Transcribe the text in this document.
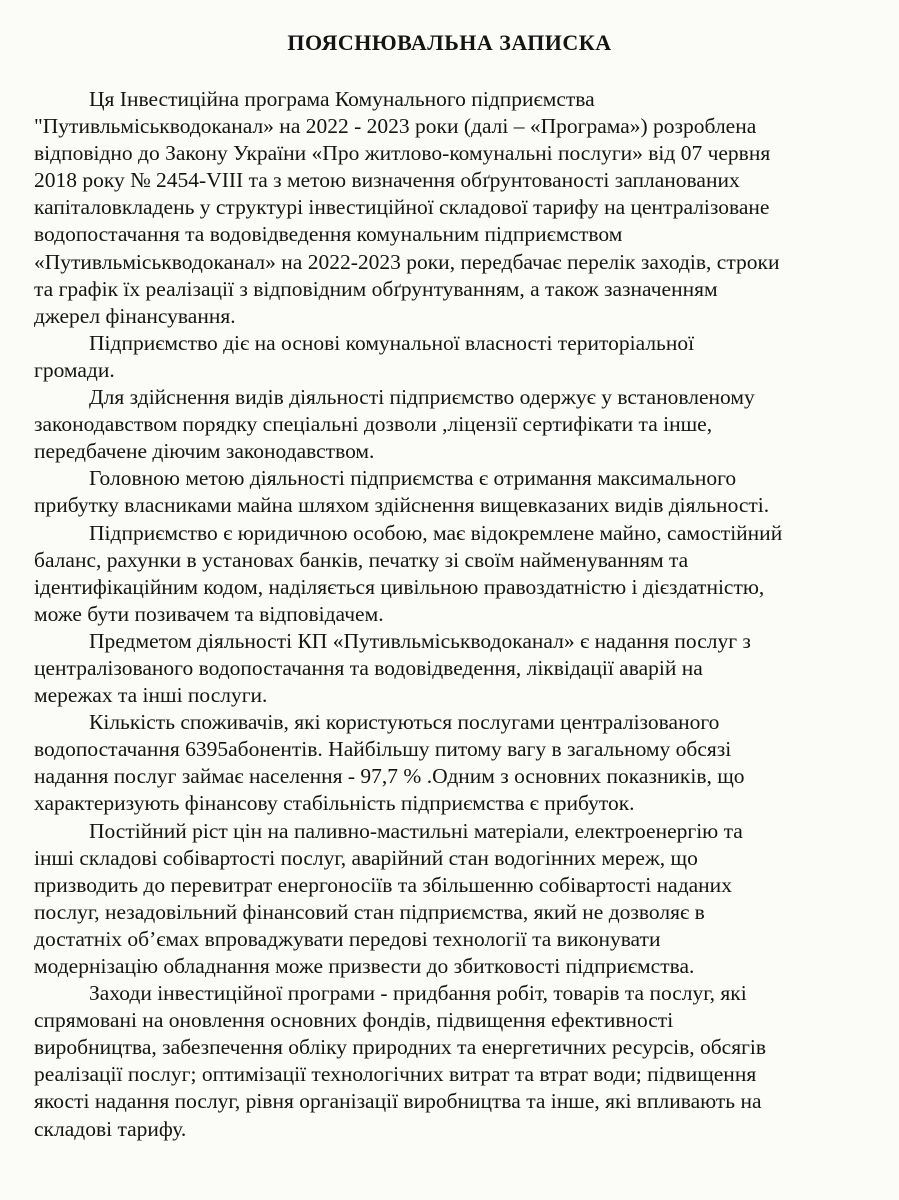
ПОЯСНЮВАЛЬНА ЗАПИСКА

Ця Інвестиційна програма Комунального підприємства
"Путивльміськводоканал» на 2022 - 2023 роки (далі – «Програма») розроблена
відповідно до Закону України «Про житлово-комунальні послуги» від 07 червня
2018 року № 2454-VIII та з метою визначення обґрунтованості запланованих
капіталовкладень у структурі інвестиційної складової тарифу на централізоване
водопостачання та водовідведення комунальним підприємством
«Путивльміськводоканал» на 2022-2023 роки, передбачає перелік заходів, строки
та графік їх реалізації з відповідним обґрунтуванням, а також зазначенням
джерел фінансування.

Підприємство діє на основі комунальної власності територіальної
громади.

Для здійснення видів діяльності підприємство одержує у встановленому
законодавством порядку спеціальні дозволи ,ліцензії сертифікати та інше,
передбачене діючим законодавством.

Головною метою діяльності підприємства є отримання максимального
прибутку власниками майна шляхом здійснення вищевказаних видів діяльності.

Підприємство є юридичною особою, має відокремлене майно, самостійний
баланс, рахунки в установах банків, печатку зі своїм найменуванням та
ідентифікаційним кодом, наділяється цивільною правоздатністю і дієздатністю,
може бути позивачем та відповідачем.

Предметом діяльності КП «Путивльміськводоканал» є надання послуг з
централізованого водопостачання та водовідведення, ліквідації аварій на
мережах та інші послуги.

Кількість споживачів, які користуються послугами централізованого
водопостачання 6395абонентів. Найбільшу питому вагу в загальному обсязі
надання послуг займає населення - 97,7 % .Одним з основних показників, що
характеризують фінансову стабільність підприємства є прибуток.

Постійний ріст цін на паливно-мастильні матеріали, електроенергію та
інші складові собівартості послуг, аварійний стан водогінних мереж, що
призводить до перевитрат енергоносіїв та збільшенню собівартості наданих
послуг, незадовільний фінансовий стан підприємства, який не дозволяє в
достатніх об’ємах впроваджувати передові технології та виконувати
модернізацію обладнання може призвести до збитковості підприємства.

Заходи інвестиційної програми - придбання робіт, товарів та послуг, які
спрямовані на оновлення основних фондів, підвищення ефективності
виробництва, забезпечення обліку природних та енергетичних ресурсів, обсягів
реалізації послуг; оптимізації технологічних витрат та втрат води; підвищення
якості надання послуг, рівня організації виробництва та інше, які впливають на
складові тарифу.
